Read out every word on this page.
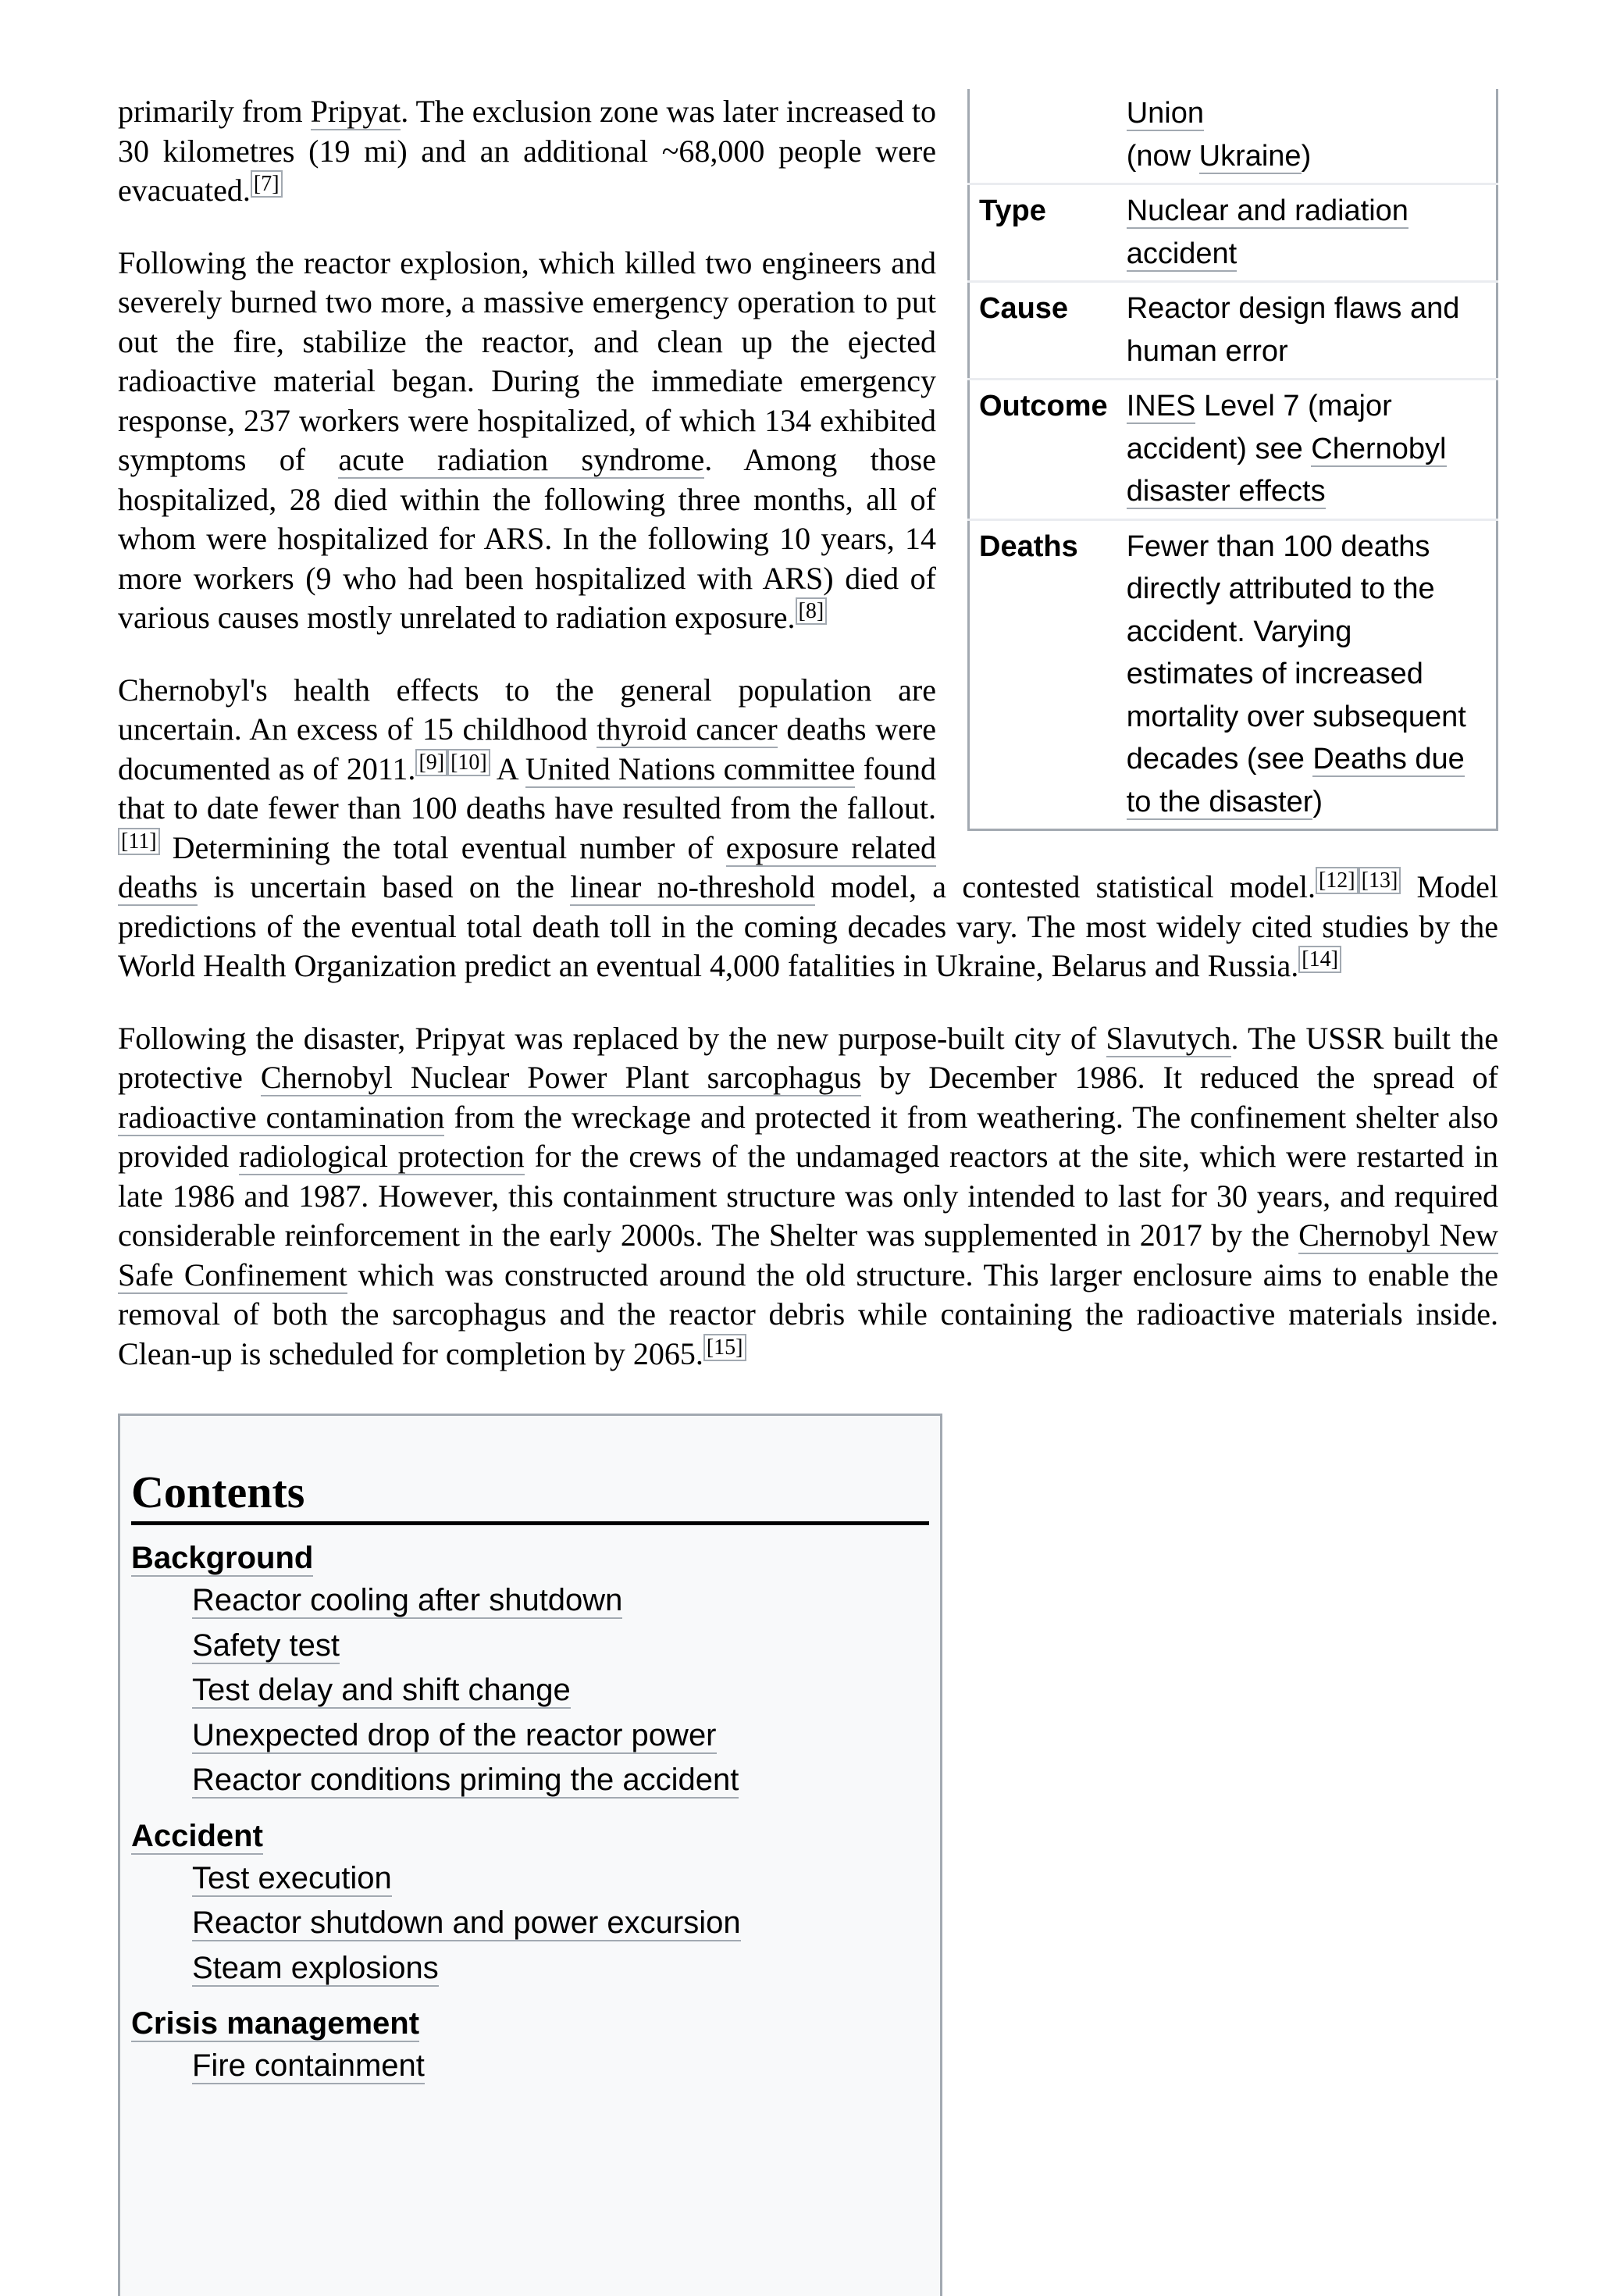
	Union
(now Ukraine)
Type	Nuclear and radiation accident
Cause	Reactor design flaws and human error
Outcome	INES Level 7 (major accident) see Chernobyl disaster effects
Deaths	Fewer than 100 deaths directly attributed to the accident. Varying estimates of increased mortality over subsequent decades (see Deaths due to the disaster)

primarily from Pripyat. The exclusion zone was later increased to 30 kilometres (19 mi) and an additional ~68,000 people were evacuated. [7]

Following the reactor explosion, which killed two engineers and severely burned two more, a massive emergency operation to put out the fire, stabilize the reactor, and clean up the ejected radioactive material began. During the immediate emergency response, 237 workers were hospitalized, of which 134 exhibited symptoms of acute radiation syndrome. Among those hospitalized, 28 died within the following three months, all of whom were hospitalized for ARS. In the following 10 years, 14 more workers (9 who had been hospitalized with ARS) died of various causes mostly unrelated to radiation exposure. [8]

Chernobyl's health effects to the general population are uncertain. An excess of 15 childhood thyroid cancer deaths were documented as of 2011. [9] [10] A United Nations committee found that to date fewer than 100 deaths have resulted from the fallout.[11] Determining the total eventual number of exposure related deaths is uncertain based on the linear no-threshold model, a contested statistical model. [12] [13] Model predictions of the eventual total death toll in the coming decades vary. The most widely cited studies by the World Health Organization predict an eventual 4,000 fatalities in Ukraine, Belarus and Russia. [14]

Following the disaster, Pripyat was replaced by the new purpose-built city of Slavutych. The USSR built the protective Chernobyl Nuclear Power Plant sarcophagus by December 1986. It reduced the spread of radioactive contamination from the wreckage and protected it from weathering. The confinement shelter also provided radiological protection for the crews of the undamaged reactors at the site, which were restarted in late 1986 and 1987. However, this containment structure was only intended to last for 30 years, and required considerable reinforcement in the early 2000s. The Shelter was supplemented in 2017 by the Chernobyl New Safe Confinement which was constructed around the old structure. This larger enclosure aims to enable the removal of both the sarcophagus and the reactor debris while containing the radioactive materials inside. Clean-up is scheduled for completion by 2065. [15]

Contents
Background
Reactor cooling after shutdown
Safety test
Test delay and shift change
Unexpected drop of the reactor power
Reactor conditions priming the accident
Accident
Test execution
Reactor shutdown and power excursion
Steam explosions
Crisis management
Fire containment
